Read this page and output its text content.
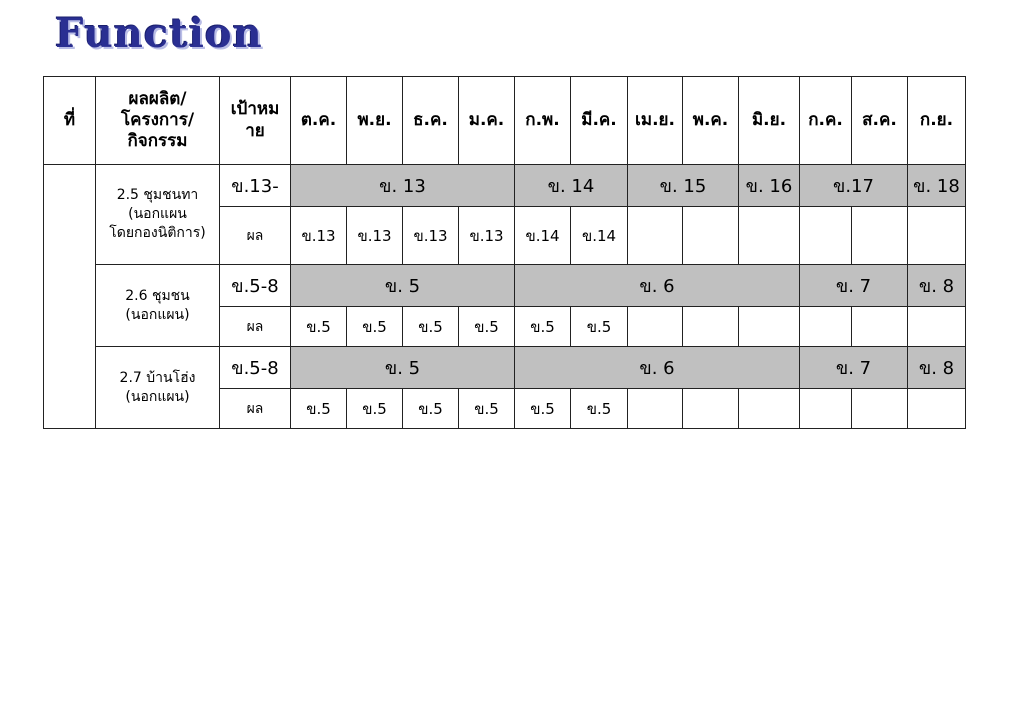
Function
ที่	ผลผลิต/
โครงการ/
กิจกรรม	เป้าหม
าย	ต.ค.	พ.ย.	ธ.ค.	ม.ค.	ก.พ.	มี.ค.	เม.ย.	พ.ค.	มิ.ย.	ก.ค.	ส.ค.	ก.ย.
	2.5 ชุมชนทา
(นอกแผน
โดยกองนิติการ)	ข.13-	ข. 13				ข. 14		ข. 15		ข. 16	ข.17		ข. 18
		ผล	ข.13	ข.13	ข.13	ข.13	ข.14	ข.14						
	2.6 ชุมชน
(นอกแผน)	ข.5-8	ข. 5				ข. 6					ข. 7		ข. 8
		ผล	ข.5	ข.5	ข.5	ข.5	ข.5	ข.5						
	2.7 บ้านโฮ่ง
(นอกแผน)	ข.5-8	ข. 5				ข. 6					ข. 7		ข. 8
		ผล	ข.5	ข.5	ข.5	ข.5	ข.5	ข.5						
